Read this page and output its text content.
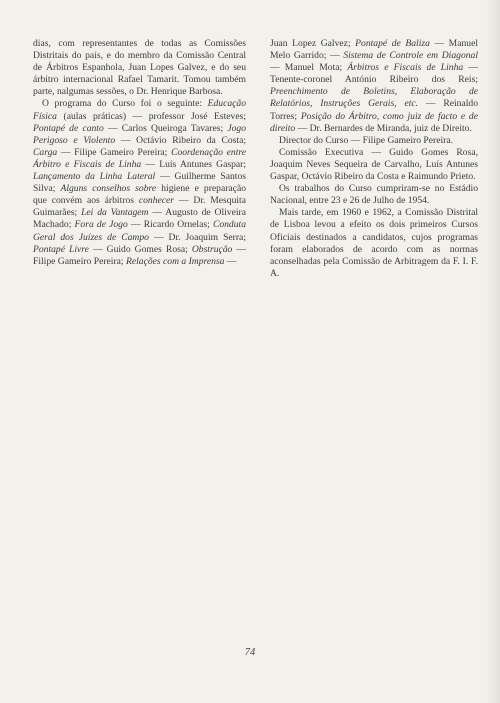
dias, com representantes de todas as Comissões Distritais do país, e do membro da Comissão Central de Árbitros Espanhola, Juan Lopes Galvez, e do seu árbitro internacional Rafael Tamarit. Tomou também parte, nalgumas sessões, o Dr. Henrique Barbosa.

O programa do Curso foi o seguinte: Educação Física (aulas práticas) — professor José Esteves; Pontapé de canto — Carlos Queiroga Tavares; Jogo Perigoso e Violento — Octávio Ribeiro da Costa; Carga — Filipe Gameiro Pereira; Coordenação entre Árbitro e Fiscais de Linha — Luís Antunes Gaspar; Lançamento da Linha Lateral — Guilherme Santos Silva; Alguns conselhos sobre higiene e preparação que convém aos árbitros conhecer — Dr. Mesquita Guimarães; Lei da Vantagem — Augusto de Oliveira Machado; Fora de Jogo — Ricardo Ornelas; Conduta Geral dos Juízes de Campo — Dr. Joaquim Serra; Pontapé Livre — Guido Gomes Rosa; Obstrução — Filipe Gameiro Pereira; Relações com a Imprensa —

Juan Lopez Galvez; Pontapé de Baliza — Manuel Melo Garrido; — Sistema de Controle em Diagonal — Manuel Mota; Árbitros e Fiscais de Linha — Tenente-coronel António Ribeiro dos Reis; Preenchimento de Boletins, Elaboração de Relatórios, Instruções Gerais, etc. — Reinaldo Torres; Posição do Árbitro, como juiz de facto e de direito — Dr. Bernardes de Miranda, juiz de Direito.

Director do Curso — Filipe Gameiro Pereira.

Comissão Executiva — Guido Gomes Rosa, Joaquim Neves Sequeira de Carvalho, Luís Antunes Gaspar, Octávio Ribeiro da Costa e Raimundo Prieto.

Os trabalhos do Curso cumpriram-se no Estádio Nacional, entre 23 e 26 de Julho de 1954.

Mais tarde, em 1960 e 1962, a Comissão Distrital de Lisboa levou a efeito os dois primeiros Cursos Oficiais destinados a candidatos, cujos programas foram elaborados de acordo com as normas aconselhadas pela Comissão de Arbitragem da F. I. F. A.

74
